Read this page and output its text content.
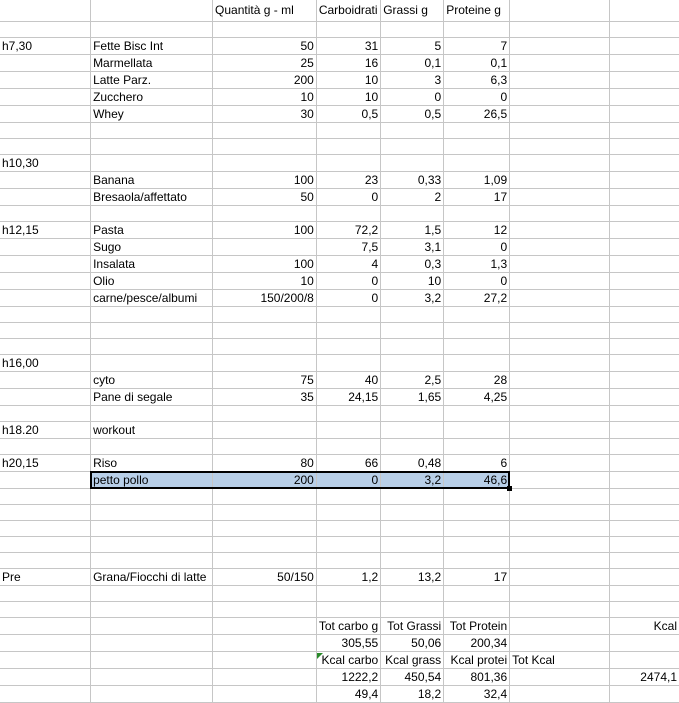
		Quantità g - ml	Carboidrati	Grassi g	Proteine g		

h7,30	Fette Bisc Int	50	31	5	7		
	Marmellata	25	16	0,1	0,1		
	Latte Parz.	200	10	3	6,3		
	Zucchero	10	10	0	0		
	Whey	30	0,5	0,5	26,5		

h10,30							
	Banana	100	23	0,33	1,09		
	Bresaola/affettato	50	0	2	17		

h12,15	Pasta	100	72,2	1,5	12		
	Sugo		7,5	3,1	0		
	Insalata	100	4	0,3	1,3		
	Olio	10	0	10	0		
	carne/pesce/albumi	150/200/8	0	3,2	27,2		

h16,00							
	cyto	75	40	2,5	28		
	Pane di segale	35	24,15	1,65	4,25		

h18.20	workout						

h20,15	Riso	80	66	0,48	6		
	petto pollo	200	0	3,2	46,6		

Pre	Grana/Fiocchi di latte	50/150	1,2	13,2	17		

			Tot carbo g	Tot Grassi	Tot Protein		Kcal
			305,55	50,06	200,34		
			Kcal carbo	Kcal grass	Kcal protei	Tot Kcal	
			1222,2	450,54	801,36		2474,1
			49,4	18,2	32,4		
